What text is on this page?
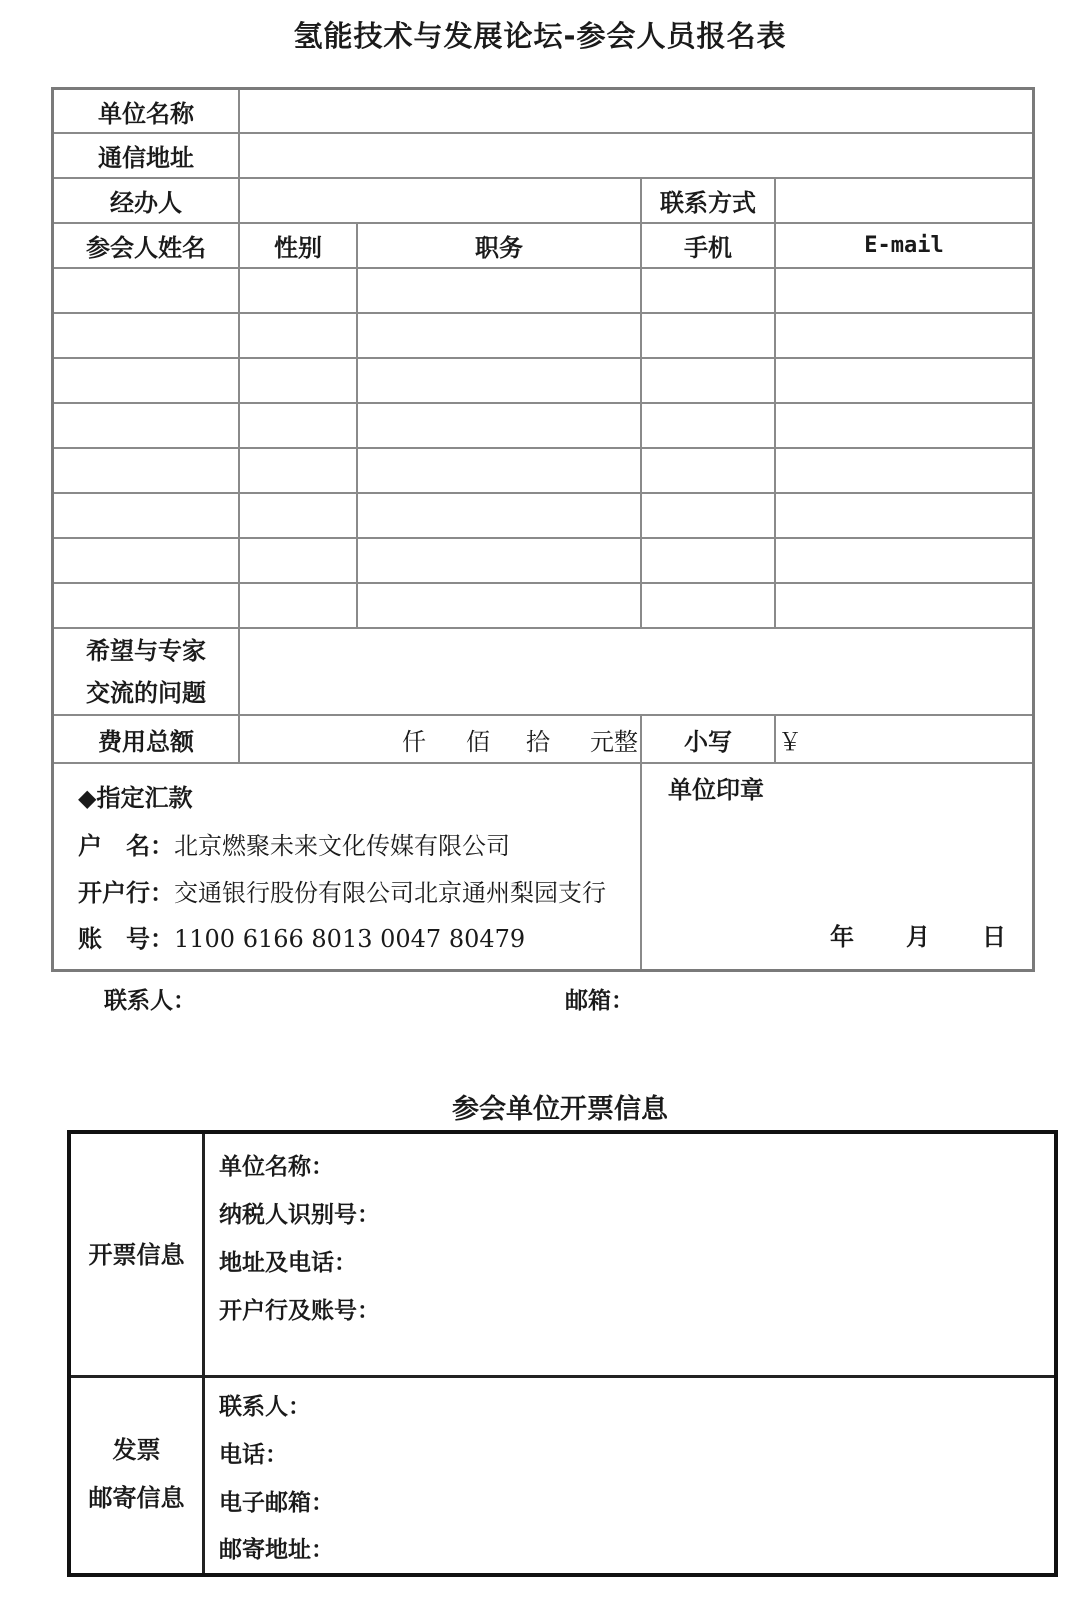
氢能技术与发展论坛-参会人员报名表
单位名称
通信地址
经办人	联系方式
参会人姓名	性别	职务	手机	E-mail
希望与专家
交流的问题
费用总额	仟 佰 拾 元整	小写	￥
◆指定汇款
户　名：北京燃聚未来文化传媒有限公司
开户行：交通银行股份有限公司北京通州梨园支行
账　号：1100 6166 8013 0047 80479
单位印章
年 月 日
联系人：	邮箱：
参会单位开票信息
开票信息
单位名称：
纳税人识别号：
地址及电话：
开户行及账号：
发票
邮寄信息
联系人：
电话：
电子邮箱：
邮寄地址：
